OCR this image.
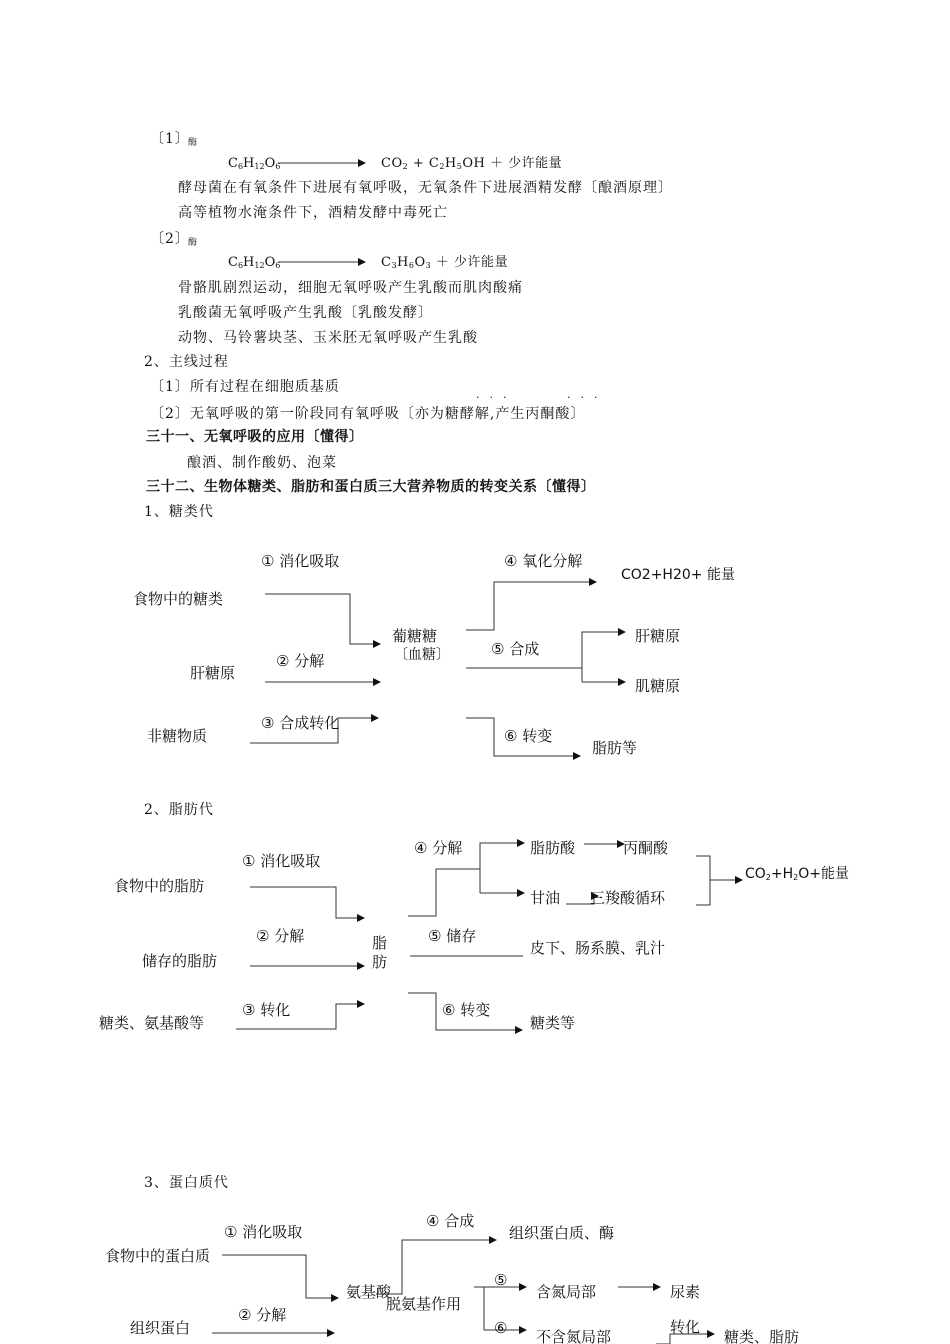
〔1〕
酶
$C_6H_{12}O_6$	$CO_2 + C_2H_5OH$ ＋ 少许能量
酵母菌在有氧条件下进展有氧呼吸，无氧条件下进展酒精发酵〔酿酒原理〕
高等植物水淹条件下，酒精发酵中毒死亡
〔2〕
酶
$C_6H_{12}O_6$	$C_3H_6O_3$ ＋ 少许能量
骨骼肌剧烈运动，细胞无氧呼吸产生乳酸而肌肉酸痛
乳酸菌无氧呼吸产生乳酸〔乳酸发酵〕
动物、马铃薯块茎、玉米胚无氧呼吸产生乳酸
2、主线过程
〔1〕所有过程在细胞质基质
···	···
〔2〕无氧呼吸的第一阶段同有氧呼吸〔亦为糖酵解,产生丙酮酸〕
三十一、无氧呼吸的应用〔懂得〕
酿酒、制作酸奶、泡菜
三十二、生物体糖类、脂肪和蛋白质三大营养物质的转变关系〔懂得〕
1、糖类代
食物中的糖类
肝糖原
非糖物质
① 消化吸取
② 分解
③ 合成转化
葡糖糖
〔血糖〕
④ 氧化分解
⑤ 合成
⑥ 转变
CO2+H20+ 能量
肝糖原
肌糖原
脂肪等
2、脂肪代
食物中的脂肪
储存的脂肪
糖类、氨基酸等
① 消化吸取
② 分解
③ 转化
脂
肪
④ 分解
⑤ 储存
⑥ 转变
脂肪酸	丙酮酸
甘油 三羧酸循环
$CO_2+H_2O+$能量
皮下、肠系膜、乳汁
糖类等
3、蛋白质代
食物中的蛋白质
组织蛋白
① 消化吸取
② 分解
氨基酸
脱氨基作用
④ 合成
组织蛋白质、酶
⑤
⑥
含氮局部	尿素
不含氮局部
转化
糖类、脂肪
